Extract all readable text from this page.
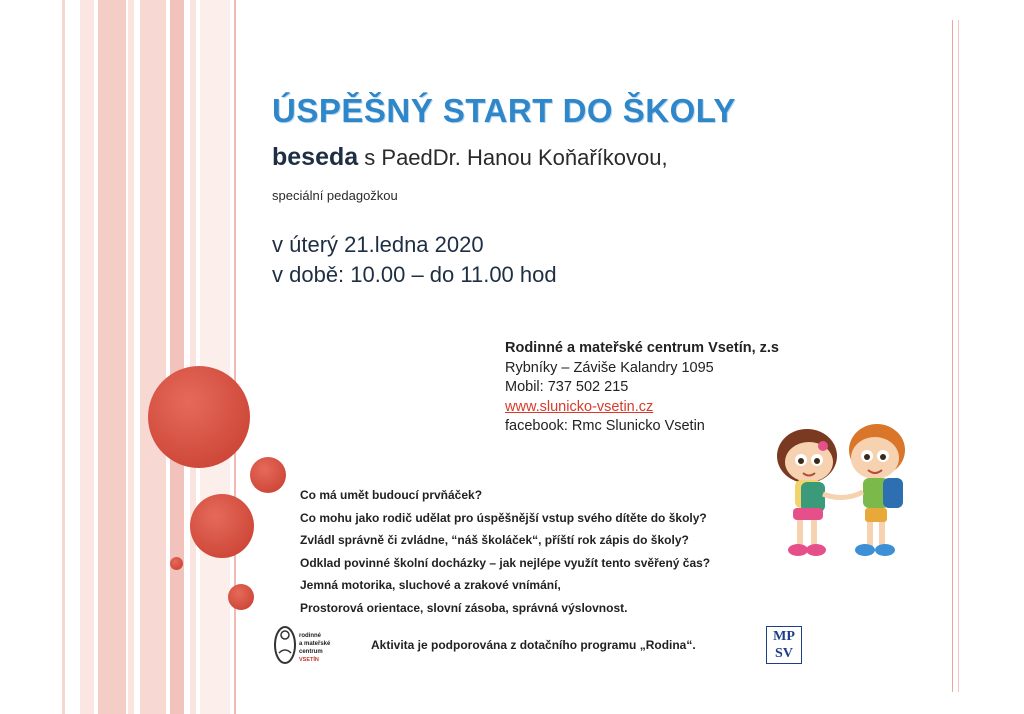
ÚSPĚŠNÝ START DO ŠKOLY
beseda s PaedDr. Hanou Koňaříkovou,
speciální pedagožkou
v úterý 21.ledna 2020
v době: 10.00 – do 11.00 hod
Rodinné a mateřské centrum Vsetín, z.s
Rybníky – Záviše Kalandry 1095
Mobil: 737 502 215
www.slunicko-vsetin.cz
facebook: Rmc Slunicko Vsetin
Co má umět budoucí prvňáček?
Co mohu jako rodič udělat pro úspěšnější vstup svého dítěte do školy?
Zvládl správně či zvládne, “náš školáček“, příští rok zápis do školy?
Odklad povinné školní docházky – jak nejlépe využít tento svěřený čas?
Jemná motorika, sluchové a zrakové vnímání,
Prostorová orientace, slovní zásoba, správná výslovnost.
rodinné
a mateřské
centrum
VSETÍN
Aktivita je podporována z dotačního programu „Rodina“.
MP
SV
